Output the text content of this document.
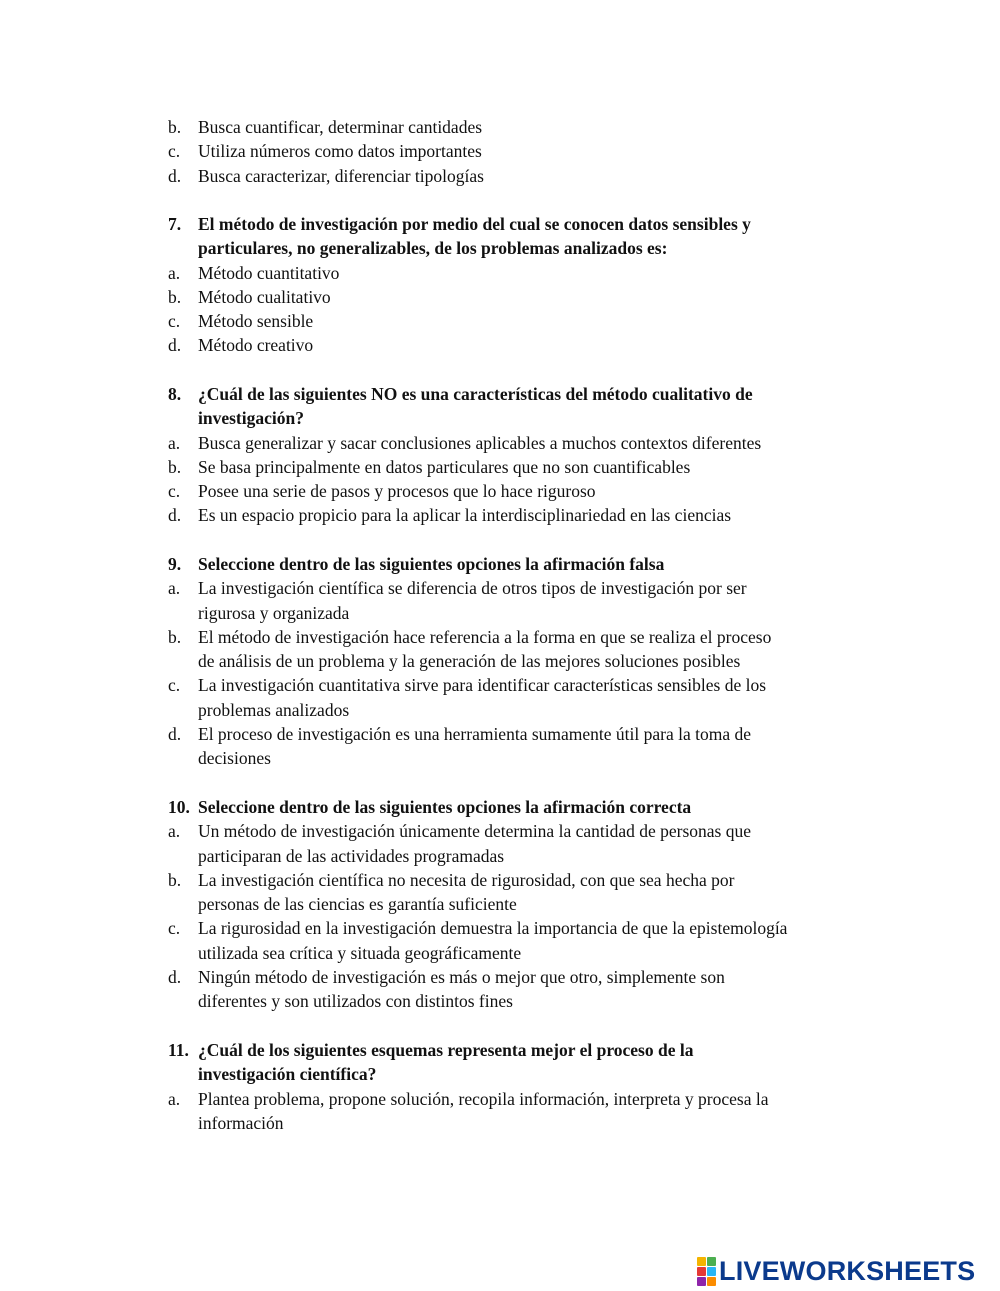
b. Busca cuantificar, determinar cantidades
c. Utiliza números como datos importantes
d. Busca caracterizar, diferenciar tipologías
7. El método de investigación por medio del cual se conocen datos sensibles y
particulares, no generalizables, de los problemas analizados es:
a. Método cuantitativo
b. Método cualitativo
c. Método sensible
d. Método creativo
8. ¿Cuál de las siguientes NO es una características del método cualitativo de
investigación?
a. Busca generalizar y sacar conclusiones aplicables a muchos contextos diferentes
b. Se basa principalmente en datos particulares que no son cuantificables
c. Posee una serie de pasos y procesos que lo hace riguroso
d. Es un espacio propicio para la aplicar la interdisciplinariedad en las ciencias
9. Seleccione dentro de las siguientes opciones la afirmación falsa
a. La investigación científica se diferencia de otros tipos de investigación por ser
rigurosa y organizada
b. El método de investigación hace referencia a la forma en que se realiza el proceso
de análisis de un problema y la generación de las mejores soluciones posibles
c. La investigación cuantitativa sirve para identificar características sensibles de los
problemas analizados
d. El proceso de investigación es una herramienta sumamente útil para la toma de
decisiones
10. Seleccione dentro de las siguientes opciones la afirmación correcta
a. Un método de investigación únicamente determina la cantidad de personas que
participaran de las actividades programadas
b. La investigación científica no necesita de rigurosidad, con que sea hecha por
personas de las ciencias es garantía suficiente
c. La rigurosidad en la investigación demuestra la importancia de que la epistemología
utilizada sea crítica y situada geográficamente
d. Ningún método de investigación es más o mejor que otro, simplemente son
diferentes y son utilizados con distintos fines
11. ¿Cuál de los siguientes esquemas representa mejor el proceso de la
investigación científica?
a. Plantea problema, propone solución, recopila información, interpreta y procesa la
información
LIVEWORKSHEETS
